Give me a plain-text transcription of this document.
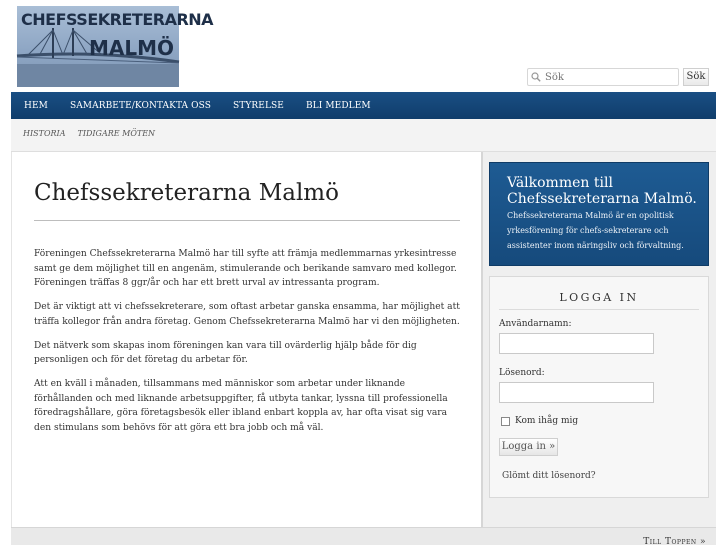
CHEFSSEKRETERARNA
MALMÖ
Sök
Sök
HEM	SAMARBETE/KONTAKTA OSS	STYRELSE	BLI MEDLEM
HISTORIA	TIDIGARE MÖTEN
Chefssekreterarna Malmö

Föreningen Chefssekreterarna Malmö har till syfte att främja medlemmarnas yrkesintresse samt ge dem möjlighet till en angenäm, stimulerande och berikande samvaro med kollegor. Föreningen träffas 8 ggr/år och har ett brett urval av intressanta program.

Det är viktigt att vi chefssekreterare, som oftast arbetar ganska ensamma, har möjlighet att träffa kollegor från andra företag. Genom Chefssekreterarna Malmö har vi den möjligheten.

Det nätverk som skapas inom föreningen kan vara till ovärderlig hjälp både för dig personligen och för det företag du arbetar för.

Att en kväll i månaden, tillsammans med människor som arbetar under liknande förhållanden och med liknande arbetsuppgifter, få utbyta tankar, lyssna till professionella föredragshållare, göra företagsbesök eller ibland enbart koppla av, har ofta visat sig vara den stimulans som behövs för att göra ett bra jobb och må väl.

Välkommen till Chefssekreterarna Malmö.

Chefssekreterarna Malmö är en opolitisk yrkesförening för chefs-sekreterare och assistenter inom näringsliv och förvaltning.

LOGGA IN
Användarnamn:
Lösenord:
Kom ihåg mig
Logga in »
Glömt ditt lösenord?
Till Toppen »
